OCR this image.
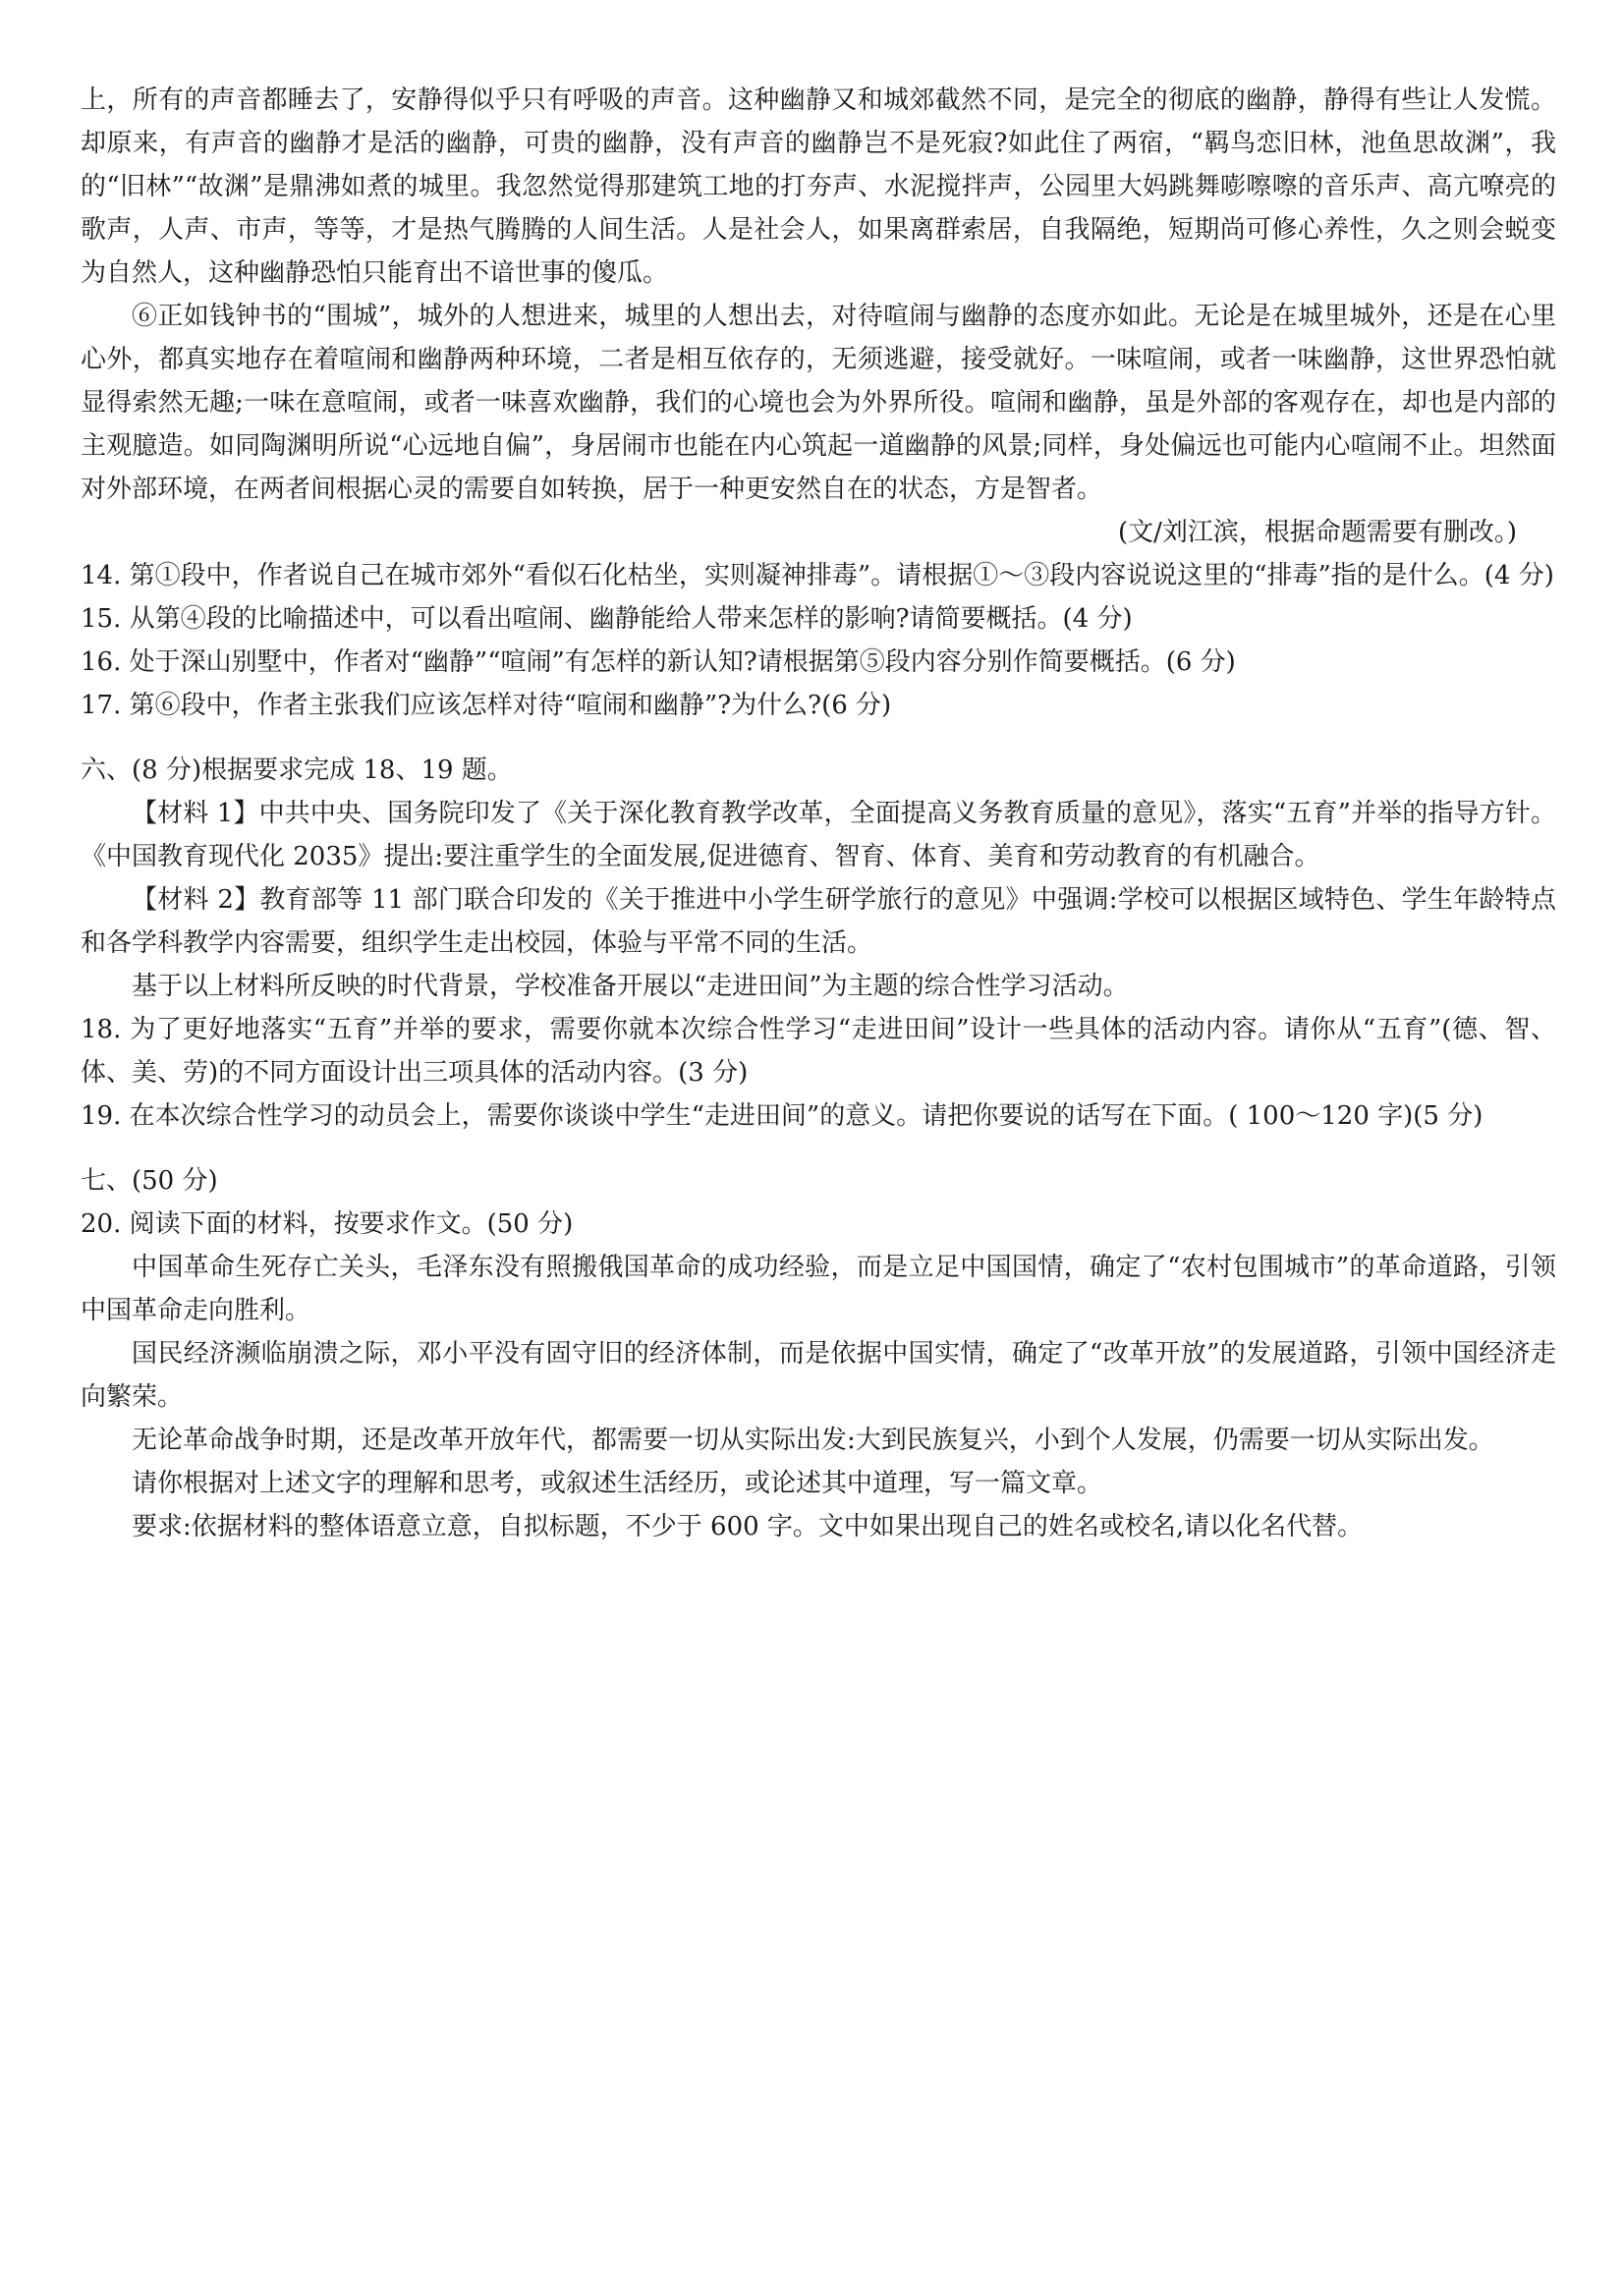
上，所有的声音都睡去了，安静得似乎只有呼吸的声音。这种幽静又和城郊截然不同，是完全的彻底的幽静，静得有些让人发慌。却原来，有声音的幽静才是活的幽静，可贵的幽静，没有声音的幽静岂不是死寂?如此住了两宿，“羁鸟恋旧林，池鱼思故渊”，我的“旧林”“故渊”是鼎沸如煮的城里。我忽然觉得那建筑工地的打夯声、水泥搅拌声，公园里大妈跳舞嘭嚓嚓的音乐声、高亢嘹亮的歌声，人声、市声，等等，才是热气腾腾的人间生活。人是社会人，如果离群索居，自我隔绝，短期尚可修心养性，久之则会蜕变为自然人，这种幽静恐怕只能育出不谙世事的傻瓜。

⑥正如钱钟书的“围城”，城外的人想进来，城里的人想出去，对待喧闹与幽静的态度亦如此。无论是在城里城外，还是在心里心外，都真实地存在着喧闹和幽静两种环境，二者是相互依存的，无须逃避，接受就好。一味喧闹，或者一味幽静，这世界恐怕就显得索然无趣;一味在意喧闹，或者一味喜欢幽静，我们的心境也会为外界所役。喧闹和幽静，虽是外部的客观存在，却也是内部的主观臆造。如同陶渊明所说“心远地自偏”，身居闹市也能在内心筑起一道幽静的风景;同样，身处偏远也可能内心喧闹不止。坦然面对外部环境，在两者间根据心灵的需要自如转换，居于一种更安然自在的状态，方是智者。
(文/刘江滨，根据命题需要有删改。)

14. 第①段中，作者说自己在城市郊外“看似石化枯坐，实则凝神排毒”。请根据①～③段内容说说这里的“排毒”指的是什么。(4 分)

15. 从第④段的比喻描述中，可以看出喧闹、幽静能给人带来怎样的影响?请简要概括。(4 分)

16. 处于深山别墅中，作者对“幽静”“喧闹”有怎样的新认知?请根据第⑤段内容分别作简要概括。(6 分)

17. 第⑥段中，作者主张我们应该怎样对待“喧闹和幽静”?为什么?(6 分)

六、(8 分)根据要求完成 18、19 题。

【材料 1】中共中央、国务院印发了《关于深化教育教学改革，全面提高义务教育质量的意见》，落实“五育”并举的指导方针。《中国教育现代化 2035》提出:要注重学生的全面发展,促进德育、智育、体育、美育和劳动教育的有机融合。

【材料 2】教育部等 11 部门联合印发的《关于推进中小学生研学旅行的意见》中强调:学校可以根据区域特色、学生年龄特点和各学科教学内容需要，组织学生走出校园，体验与平常不同的生活。

基于以上材料所反映的时代背景，学校准备开展以“走进田间”为主题的综合性学习活动。

18. 为了更好地落实“五育”并举的要求，需要你就本次综合性学习“走进田间”设计一些具体的活动内容。请你从“五育”(德、智、体、美、劳)的不同方面设计出三项具体的活动内容。(3 分)

19. 在本次综合性学习的动员会上，需要你谈谈中学生“走进田间”的意义。请把你要说的话写在下面。( 100～120 字)(5 分)

七、(50 分)

20. 阅读下面的材料，按要求作文。(50 分)

中国革命生死存亡关头，毛泽东没有照搬俄国革命的成功经验，而是立足中国国情，确定了“农村包围城市”的革命道路，引领中国革命走向胜利。

国民经济濒临崩溃之际，邓小平没有固守旧的经济体制，而是依据中国实情，确定了“改革开放”的发展道路，引领中国经济走向繁荣。

无论革命战争时期，还是改革开放年代，都需要一切从实际出发:大到民族复兴，小到个人发展，仍需要一切从实际出发。

请你根据对上述文字的理解和思考，或叙述生活经历，或论述其中道理，写一篇文章。

要求:依据材料的整体语意立意，自拟标题，不少于 600 字。文中如果出现自己的姓名或校名,请以化名代替。
